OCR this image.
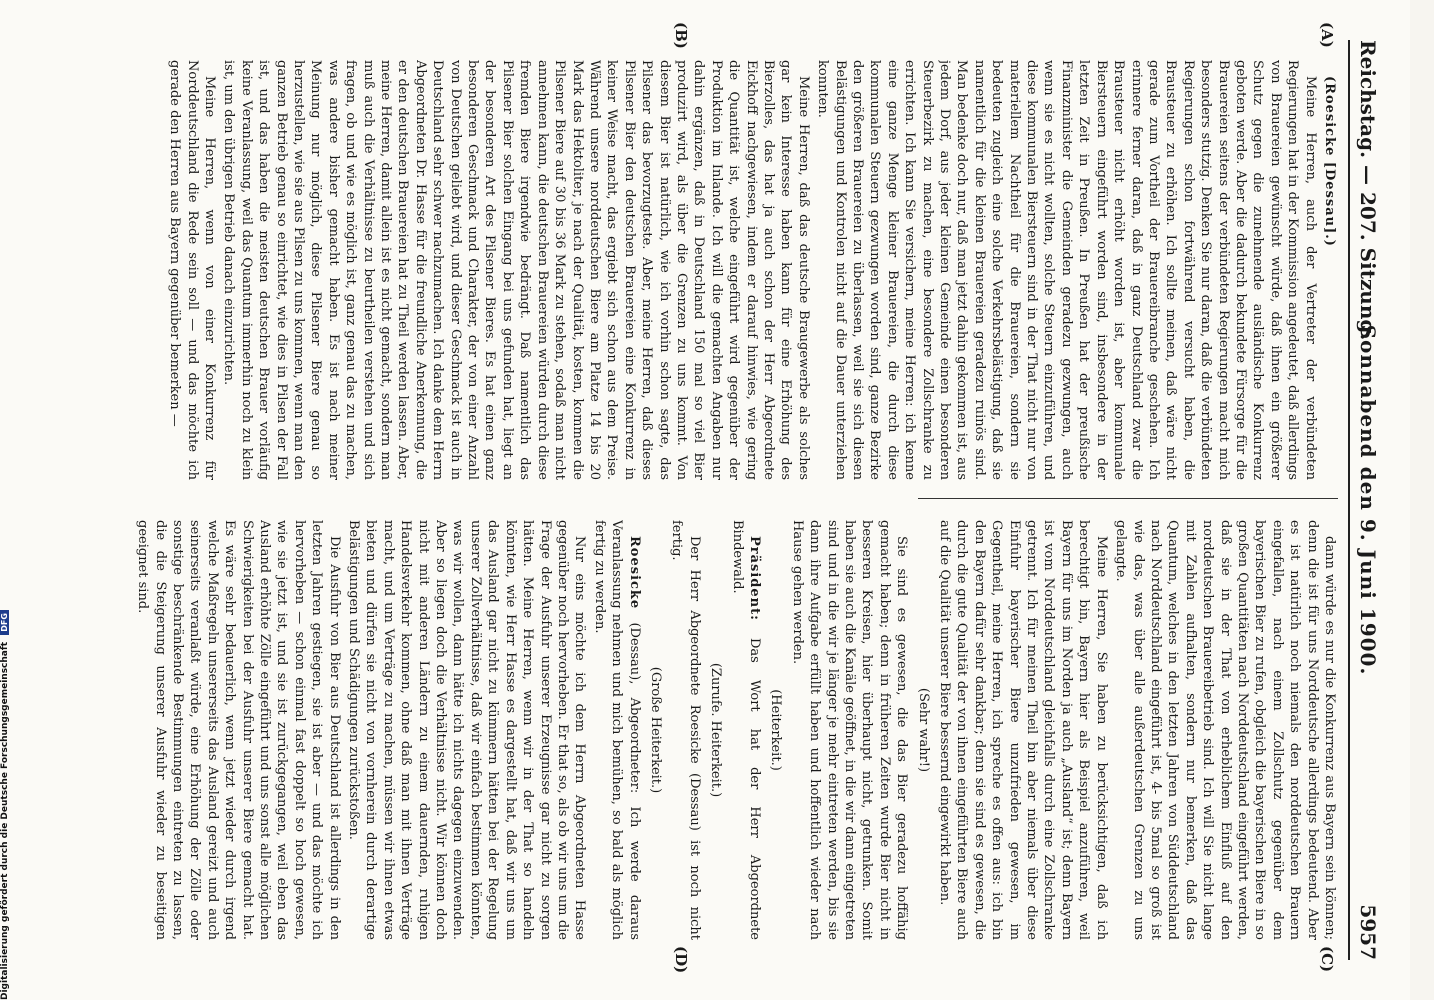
Reichstag. — 207. Sitzung.
Sonnabend den 9. Juni 1900.
5957
(A)
(B)
(C)
(D)

(Roesicke [Dessau].)

Meine Herren, auch der Vertreter der verbündeten Regierungen hat in der Kommission angedeutet, daß allerdings von Brauereien gewünscht würde, daß ihnen ein größerer Schutz gegen die zunehmende ausländische Konkurrenz geboten werde. Aber die dadurch bekundete Fürsorge für die Brauereien seitens der verbündeten Regierungen macht mich besonders stutzig. Denken Sie nur daran, daß die verbündeten Regierungen schon fortwährend versucht haben, die Brausteuer zu erhöhen. Ich sollte meinen, daß wäre nicht gerade zum Vortheil der Brauereibranche geschehen. Ich erinnere ferner daran, daß in ganz Deutschland zwar die Brausteuer nicht erhöht worden ist, aber kommunale Biersteuern eingeführt worden sind, insbesondere in der letzten Zeit in Preußen. In Preußen hat der preußische Finanzminister die Gemeinden geradezu gezwungen, auch wenn sie es nicht wollten, solche Steuern einzuführen, und diese kommunalen Biersteuern sind in der That nicht nur von materiellem Nachtheil für die Brauereien, sondern sie bedeuten zugleich eine solche Verkehrsbelästigung, daß sie namentlich für die kleinen Brauereien geradezu ruinös sind. Man bedenke doch nur, daß man jetzt dahin gekommen ist, aus jedem Dorf, aus jeder kleinen Gemeinde einen besonderen Steuerbezirk zu machen, eine besondere Zollschranke zu errichten. Ich kann Sie versichern, meine Herren: ich kenne eine ganze Menge kleiner Brauereien, die durch diese kommunalen Steuern gezwungen worden sind, ganze Bezirke den größeren Brauereien zu überlassen, weil sie sich diesen Belästigungen und Kontrolen nicht auf die Dauer unterziehen konnten.

Meine Herren, daß das deutsche Braugewerbe als solches gar kein Interesse haben kann für eine Erhöhung des Bierzolles, das hat ja auch schon der Herr Abgeordnete Eickhoff nachgewiesen, indem er darauf hinwies, wie gering die Quantität ist, welche eingeführt wird gegenüber der Produktion im Inlande. Ich will die gemachten Angaben nur dahin ergänzen, daß in Deutschland 150 mal so viel Bier produzirt wird, als über die Grenzen zu uns kommt. Von diesem Bier ist natürlich, wie ich vorhin schon sagte, das Pilsener das bevorzugteste. Aber, meine Herren, daß dieses Pilsener Bier den deutschen Brauereien eine Konkurrenz in keiner Weise macht, das ergiebt sich schon aus dem Preise. Während unsere norddeutschen Biere am Platze 14 bis 20 Mark das Hektoliter, je nach der Qualität, kosten, kommen die Pilsener Biere auf 30 bis 36 Mark zu stehen, sodaß man nicht annehmen kann, die deutschen Brauereien würden durch diese fremden Biere irgendwie bedrängt. Daß namentlich das Pilsener Bier solchen Eingang bei uns gefunden hat, liegt an der besonderen Art des Pilsener Bieres. Es hat einen ganz besonderen Geschmack und Charakter, der von einer Anzahl von Deutschen geliebt wird, und dieser Geschmack ist auch in Deutschland sehr schwer nachzumachen. Ich danke dem Herrn Abgeordneten Dr. Hasse für die freundliche Anerkennung, die er den deutschen Brauereien hat zu Theil werden lassen. Aber, meine Herren, damit allein ist es nicht gemacht, sondern man muß auch die Verhältnisse zu beurtheilen verstehen und sich fragen, ob und wie es möglich ist, ganz genau das zu machen, was andere bisher gemacht haben. Es ist nach meiner Meinung nur möglich, diese Pilsener Biere genau so herzustellen, wie sie aus Pilsen zu uns kommen, wenn man den ganzen Betrieb genau so einrichtet, wie dies in Pilsen der Fall ist, und das haben die meisten deutschen Brauer vorläufig keine Veranlassung, weil das Quantum immerhin noch zu klein ist, um den übrigen Betrieb danach einzurichten.

Meine Herren, wenn von einer Konkurrenz für Norddeutschland die Rede sein soll — und das möchte ich gerade den Herren aus Bayern gegenüber bemerken —

dann würde es nur die Konkurrenz aus Bayern sein können; denn die ist für uns Norddeutsche allerdings bedeutend. Aber es ist natürlich noch niemals den norddeutschen Brauern eingefallen, nach einem Zollschutz gegenüber dem bayerischen Bier zu rufen, obgleich die bayerischen Biere in so großen Quantitäten nach Norddeutschland eingeführt werden, daß sie in der That von erheblichem Einfluß auf den norddeutschen Brauereibetrieb sind. Ich will Sie nicht lange mit Zahlen aufhalten, sondern nur bemerken, daß das Quantum, welches in den letzten Jahren von Süddeutschland nach Norddeutschland eingeführt ist, 4- bis 5mal so groß ist wie das, was über alle außerdeutschen Grenzen zu uns gelangte.

Meine Herren, Sie haben zu berücksichtigen, daß ich berechtigt bin, Bayern hier als Beispiel anzuführen, weil Bayern für uns im Norden ja auch „Ausland“ ist; denn Bayern ist vom Norddeutschland gleichfalls durch eine Zollschranke getrennt. Ich für meinen Theil bin aber niemals über diese Einfuhr bayerischer Biere unzufrieden gewesen, im Gegentheil, meine Herren, ich spreche es offen aus: ich bin den Bayern dafür sehr dankbar; denn sie sind es gewesen, die durch die gute Qualität der von ihnen eingeführten Biere auch auf die Qualität unserer Biere bessernd eingewirkt haben.

(Sehr wahr!)

Sie sind es gewesen, die das Bier geradezu hoffähig gemacht haben; denn in früheren Zeiten wurde Bier nicht in besseren Kreisen, hier überhaupt nicht, getrunken. Somit haben sie auch die Kanäle geöffnet, in die wir dann eingetreten sind und in die wir je länger je mehr eintreten werden, bis sie dann ihre Aufgabe erfüllt haben und hoffentlich wieder nach Hause gehen werden.

(Heiterkeit.)

Präsident: Das Wort hat der Herr Abgeordnete Bindewald.

(Zurufe. Heiterkeit.)

Der Herr Abgeordnete Roesicke (Dessau) ist noch nicht fertig.

(Große Heiterkeit.)

Roesicke (Dessau), Abgeordneter: Ich werde daraus Veranlassung nehmen und mich bemühen, so bald als möglich fertig zu werden.

Nur eins möchte ich dem Herrn Abgeordneten Hasse gegenüber noch hervorheben. Er that so, als ob wir uns um die Frage der Ausfuhr unserer Erzeugnisse gar nicht zu sorgen hätten. Meine Herren, wenn wir in der That so handeln könnten, wie Herr Hasse es dargestellt hat, daß wir uns um das Ausland gar nicht zu kümmern hätten bei der Regelung unserer Zollverhältnisse, daß wir einfach bestimmen könnten, was wir wollen, dann hätte ich nichts dagegen einzuwenden. Aber so liegen doch die Verhältnisse nicht. Wir können doch nicht mit anderen Ländern zu einem dauernden, ruhigen Handelsverkehr kommen, ohne daß man mit ihnen Verträge macht, und um Verträge zu machen, müssen wir ihnen etwas bieten und dürfen sie nicht von vornherein durch derartige Belästigungen und Schädigungen zurückstoßen.

Die Ausfuhr von Bier aus Deutschland ist allerdings in den letzten Jahren gestiegen, sie ist aber — und das möchte ich hervorheben — schon einmal fast doppelt so hoch gewesen, wie sie jetzt ist, und sie ist zurückgegangen, weil eben das Ausland erhöhte Zölle eingeführt und uns sonst alle möglichen Schwierigkeiten bei der Ausfuhr unserer Biere gemacht hat. Es wäre sehr bedauerlich, wenn jetzt wieder durch irgend welche Maßregeln unsererseits das Ausland gereizt und auch seinerseits veranlaßt würde, eine Erhöhung der Zölle oder sonstige beschränkende Bestimmungen eintreten zu lassen, die die Steigerung unserer Ausfuhr wieder zu beseitigen geeignet sind.

Digitalisierung gefördert durch die Deutsche Forschungsgemeinschaft DFG
